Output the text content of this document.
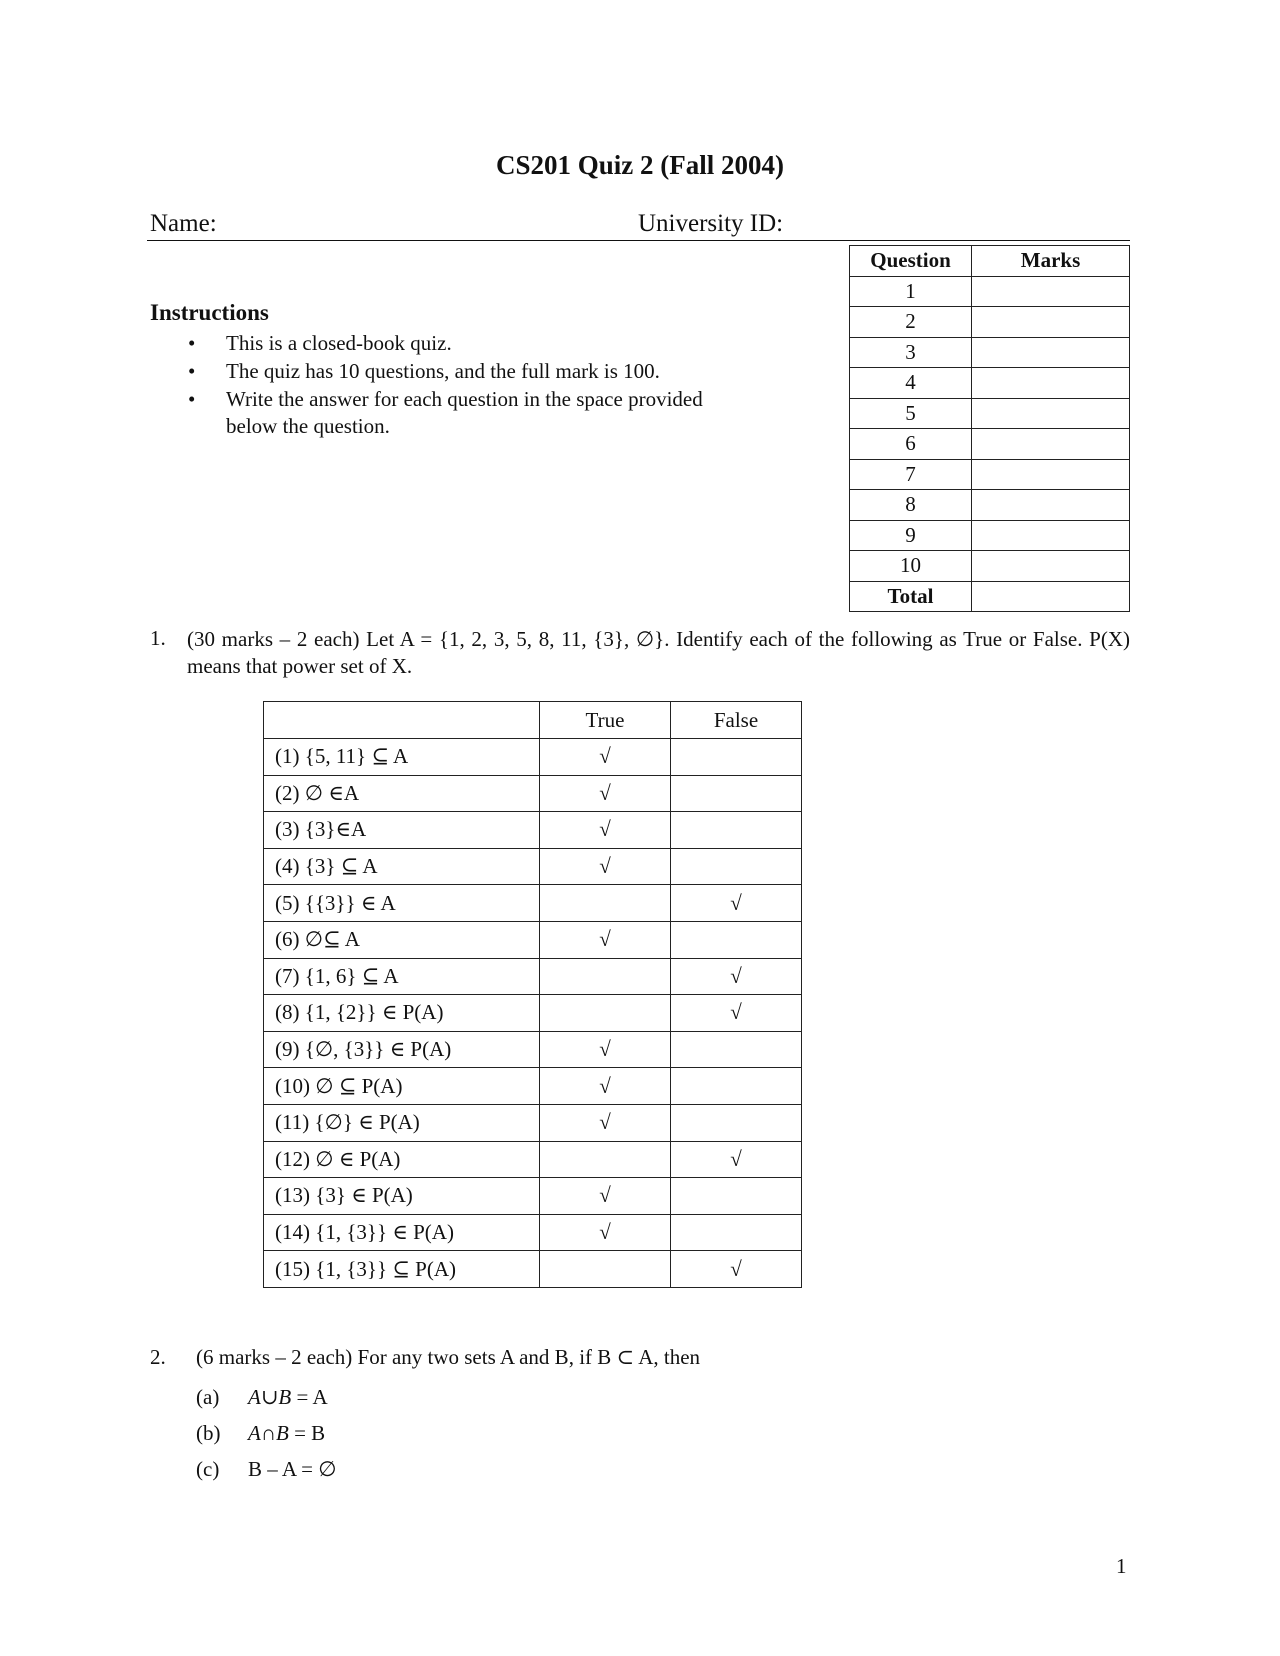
CS201 Quiz 2 (Fall 2004)
Name:	University ID:
Question	Marks
1	
2	
3	
4	
5	
6	
7	
8	
9	
10	
Total	
Instructions
• This is a closed-book quiz.
• The quiz has 10 questions, and the full mark is 100.
• Write the answer for each question in the space provided below the question.
1. (30 marks – 2 each) Let A = {1, 2, 3, 5, 8, 11, {3}, ∅}. Identify each of the following as True or False. P(X) means that power set of X.
	True	False
(1) {5, 11} ⊆ A	√	
(2) ∅ ∈A	√	
(3) {3}∈A	√	
(4) {3} ⊆ A	√	
(5) {{3}} ∈ A		√
(6) ∅⊆ A	√	
(7) {1, 6} ⊆ A		√
(8) {1, {2}} ∈ P(A)		√
(9) {∅, {3}} ∈ P(A)	√	
(10) ∅ ⊆ P(A)	√	
(11) {∅} ∈ P(A)	√	
(12) ∅ ∈ P(A)		√
(13) {3} ∈ P(A)	√	
(14) {1, {3}} ∈ P(A)	√	
(15) {1, {3}} ⊆ P(A)		√
2. (6 marks – 2 each) For any two sets A and B, if B ⊂ A, then
(a) A∪B = A
(b) A∩B = B
(c) B – A = ∅
1
